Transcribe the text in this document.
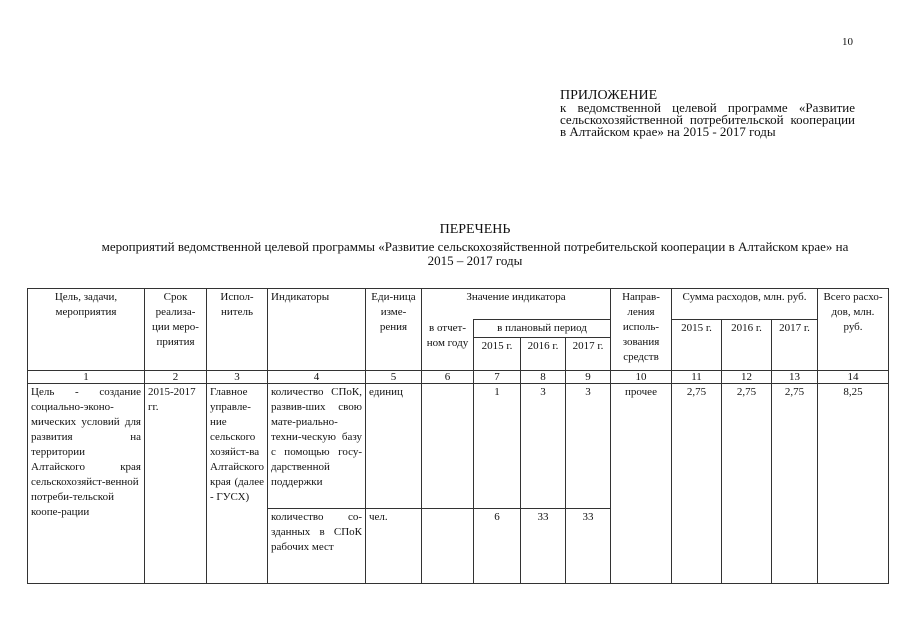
10
ПРИЛОЖЕНИЕ
к ведомственной целевой программе «Развитие сельскохозяйственной потребительской кооперации в Алтайском крае» на 2015 - 2017 годы
ПЕРЕЧЕНЬ
мероприятий ведомственной целевой программы «Развитие сельскохозяйственной потребительской кооперации в Алтайском крае» на 2015 – 2017 годы
Цель, задачи, мероприятия	Срок реализа-ции меро-приятия	Испол-нитель	Индикаторы	Еди-ница изме-рения	Значение индикатора				Направ-ления исполь-зования средств	Сумма расходов, млн. руб.			Всего расхо-дов, млн. руб.
					в отчет-ном году	в плановый период				2015 г.	2016 г.	2017 г.	
						2015 г.	2016 г.	2017 г.					
1	2	3	4	5	6	7	8	9	10	11	12	13	14
Цель - создание социально-эконо-мических условий для развития на территории Алтайского края сельскохозяйст-венной потреби-тельской коопе-рации	2015-2017 гг.	Главное управле-ние сельского хозяйст-ва Алтайского края (далее - ГУСХ)	количество СПоК, развив-ших свою мате-риально-техни-ческую базу с помощью госу-дарственной поддержки	единиц		1	3	3	прочее	2,75	2,75	2,75	8,25
			количество со-зданных в СПоК рабочих мест	чел.		6	33	33					
